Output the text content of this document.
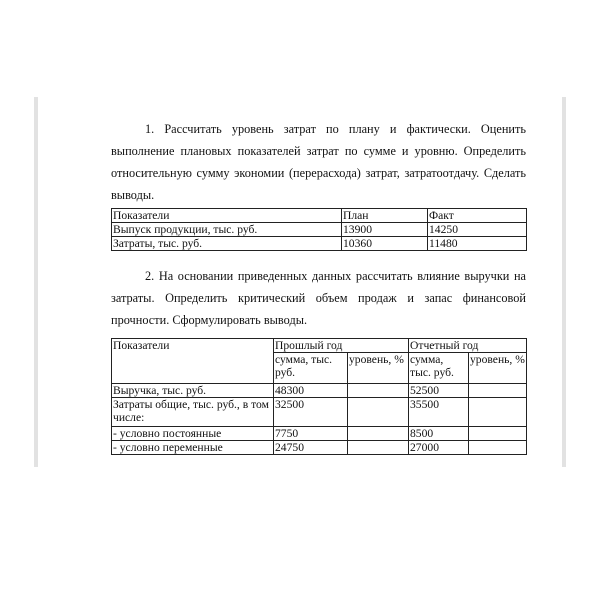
1. Рассчитать уровень затрат по плану и фактически. Оценить выполнение плановых показателей затрат по сумме и уровню. Определить относительную сумму экономии (перерасхода) затрат, затратоотдачу. Сделать выводы.

Показатели	План	Факт
Выпуск продукции, тыс. руб.	13900	14250
Затраты, тыс. руб.	10360	11480

2. На основании приведенных данных рассчитать влияние выручки на затраты. Определить критический объем продаж и запас финансовой прочности. Сформулировать выводы.

Показатели	Прошлый год		Отчетный год	
	сумма, тыс. руб.	уровень, %	сумма, тыс. руб.	уровень, %
Выручка, тыс. руб.	48300		52500	
Затраты общие, тыс. руб., в том числе:	32500		35500	
- условно постоянные	7750		8500	
- условно переменные	24750		27000	
